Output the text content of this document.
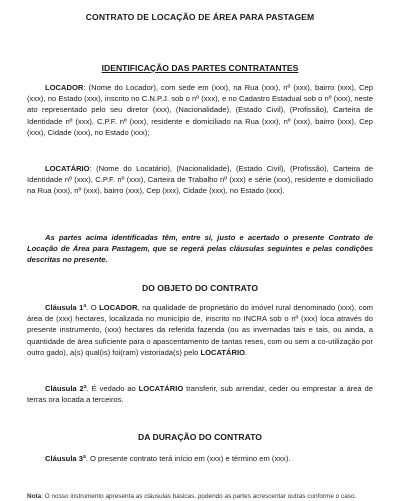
CONTRATO DE LOCAÇÃO DE ÁREA PARA PASTAGEM
IDENTIFICAÇÃO DAS PARTES CONTRATANTES

LOCADOR: (Nome do Locador), com sede em (xxx), na Rua (xxx), nº (xxx), bairro (xxx), Cep (xxx), no Estado (xxx), inscrito no C.N.P.J. sob o nº (xxx), e no Cadastro Estadual sob o nº (xxx), neste ato representado pelo seu diretor (xxx), (Nacionalidade), (Estado Civil), (Profissão), Carteira de Identidade nº (xxx), C.P.F. nº (xxx), residente e domiciliado na Rua (xxx), nº (xxx), bairro (xxx), Cep (xxx), Cidade (xxx), no Estado (xxx);

LOCATÁRIO: (Nome do Locatário), (Nacionalidade), (Estado Civil), (Profissão), Carteira de Identidade nº (xxx), C.P.F. nº (xxx), Carteira de Trabalho nº (xxx) e série (xxx), residente e domiciliado na Rua (xxx), nº (xxx), bairro (xxx), Cep (xxx), Cidade (xxx), no Estado (xxx).

As partes acima identificadas têm, entre si, justo e acertado o presente Contrato de Locação de Área para Pastagem, que se regerá pelas cláusulas seguintes e pelas condições descritas no presente.

DO OBJETO DO CONTRATO

Cláusula 1ª. O LOCADOR, na qualidade de proprietário do imóvel rural denominado (xxx), com área de (xxx) hectares, localizada no município de, inscrito no INCRA sob o nº (xxx) loca através do presente instrumento, (xxx) hectares da referida fazenda (ou as invernadas tais e tais, ou ainda, a quantidade de área suficiente para o apascentamento de tantas reses, com ou sem a co-utilização por outro gado), a(s) qual(is) foi(ram) vistoriada(s) pelo LOCATÁRIO.

Cláusula 2ª. É vedado ao LOCATÁRIO transferir, sub arrendar, ceder ou emprestar a área de terras ora locada a terceiros.

DA DURAÇÃO DO CONTRATO

Cláusula 3ª. O presente contrato terá início em (xxx) e término em (xxx).

Nota: O nosso instrumento apresenta as cláusulas básicas, podendo as partes acrescentar outras conforme o caso.
